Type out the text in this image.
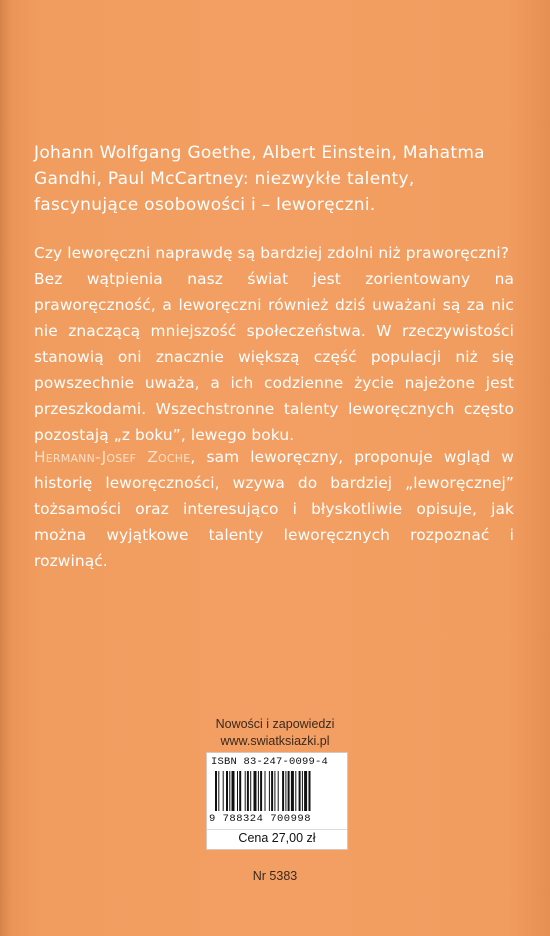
Johann Wolfgang Goethe, Albert Einstein, Mahatma Gandhi, Paul McCartney: niezwykłe talenty, fascynujące osobowości i – leworęczni.

Czy leworęczni naprawdę są bardziej zdolni niż praworęczni?

Bez wątpienia nasz świat jest zorientowany na praworęczność, a leworęczni również dziś uważani są za nic nie znaczącą mniejszość społeczeństwa. W rzeczywistości stanowią oni znacznie większą część populacji niż się powszechnie uważa, a ich codzienne życie najeżone jest przeszkodami. Wszechstronne talenty leworęcznych często pozostają „z boku”, lewego boku.

Hermann-Josef Zoche, sam leworęczny, proponuje wgląd w historię leworęczności, wzywa do bardziej „leworęcznej” tożsamości oraz interesująco i błyskotliwie opisuje, jak można wyjątkowe talenty leworęcznych rozpoznać i rozwinąć.
Nowości i zapowiedzi
www.swiatksiazki.pl
ISBN 83-247-0099-4
9 788324 700998
Cena 27,00 zł
Nr 5383
